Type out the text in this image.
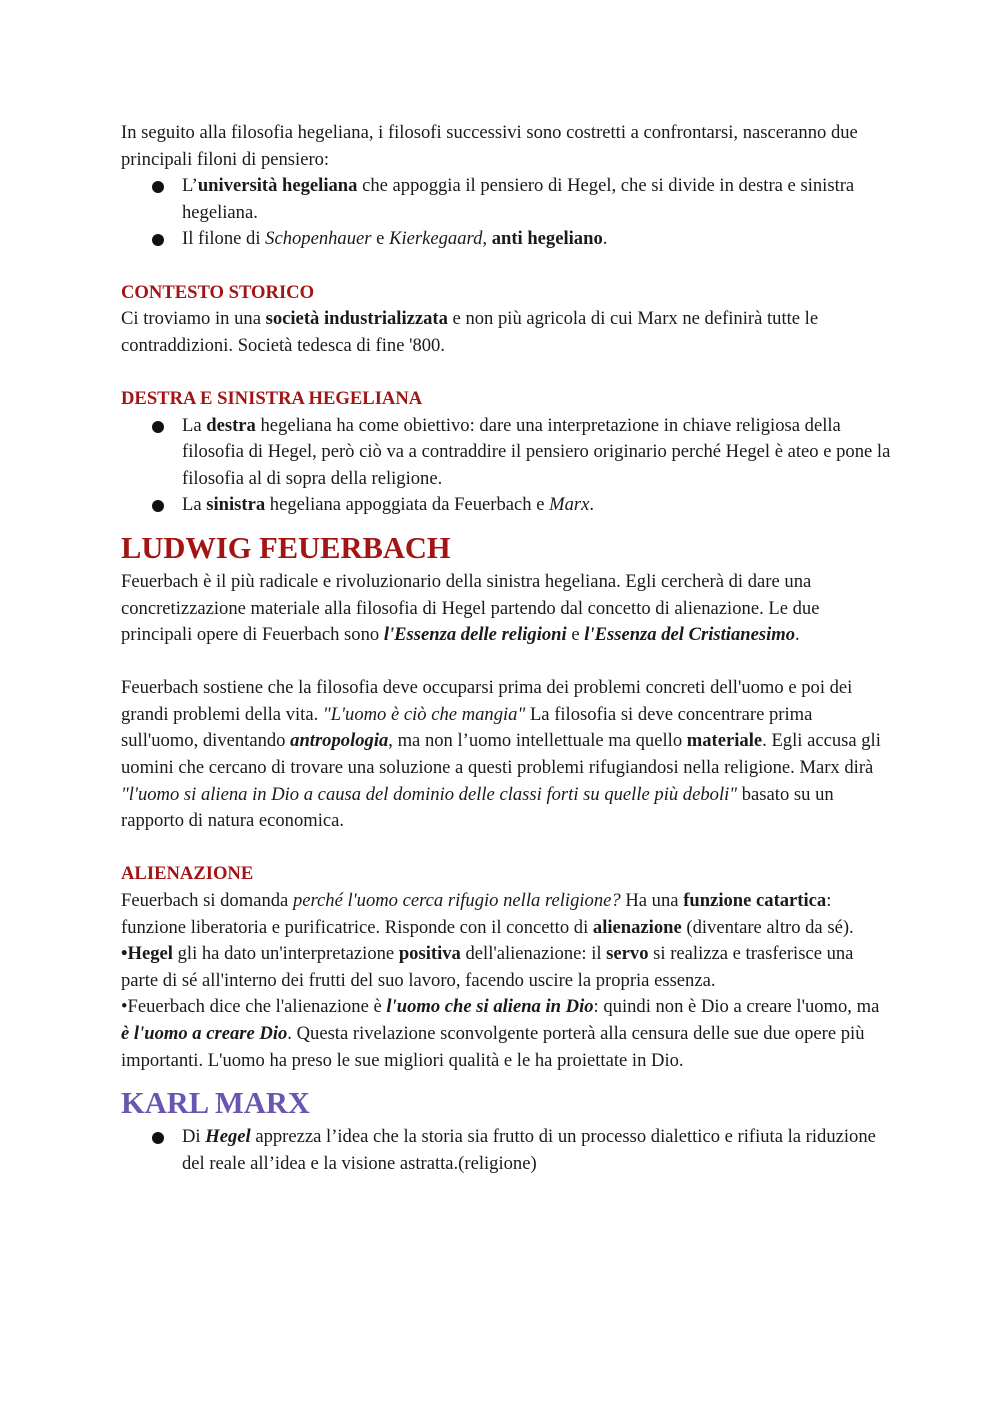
In seguito alla filosofia hegeliana, i filosofi successivi sono costretti a confrontarsi, nasceranno due principali filoni di pensiero:

L’università hegeliana che appoggia il pensiero di Hegel, che si divide in destra e sinistra hegeliana.
Il filone di Schopenhauer e Kierkegaard, anti hegeliano.
CONTESTO STORICO

Ci troviamo in una società industrializzata e non più agricola di cui Marx ne definirà tutte le contraddizioni. Società tedesca di fine '800.

DESTRA E SINISTRA HEGELIANA
La destra hegeliana ha come obiettivo: dare una interpretazione in chiave religiosa della filosofia di Hegel, però ciò va a contraddire il pensiero originario perché Hegel è ateo e pone la filosofia al di sopra della religione.
La sinistra hegeliana appoggiata da Feuerbach e Marx.
LUDWIG FEUERBACH

Feuerbach è il più radicale e rivoluzionario della sinistra hegeliana. Egli cercherà di dare una concretizzazione materiale alla filosofia di Hegel partendo dal concetto di alienazione. Le due principali opere di Feuerbach sono l'Essenza delle religioni e l'Essenza del Cristianesimo.

Feuerbach sostiene che la filosofia deve occuparsi prima dei problemi concreti dell'uomo e poi dei grandi problemi della vita. "L'uomo è ciò che mangia" La filosofia si deve concentrare prima sull'uomo, diventando antropologia, ma non l’uomo intellettuale ma quello materiale. Egli accusa gli uomini che cercano di trovare una soluzione a questi problemi rifugiandosi nella religione. Marx dirà "l'uomo si aliena in Dio a causa del dominio delle classi forti su quelle più deboli" basato su un rapporto di natura economica.

ALIENAZIONE

Feuerbach si domanda perché l'uomo cerca rifugio nella religione? Ha una funzione catartica: funzione liberatoria e purificatrice. Risponde con il concetto di alienazione (diventare altro da sé).

•Hegel gli ha dato un'interpretazione positiva dell'alienazione: il servo si realizza e trasferisce una parte di sé all'interno dei frutti del suo lavoro, facendo uscire la propria essenza.

•Feuerbach dice che l'alienazione è l'uomo che si aliena in Dio: quindi non è Dio a creare l'uomo, ma è l'uomo a creare Dio. Questa rivelazione sconvolgente porterà alla censura delle sue due opere più importanti. L'uomo ha preso le sue migliori qualità e le ha proiettate in Dio.

KARL MARX
Di Hegel apprezza l’idea che la storia sia frutto di un processo dialettico e rifiuta la riduzione del reale all’idea e la visione astratta.(religione)
